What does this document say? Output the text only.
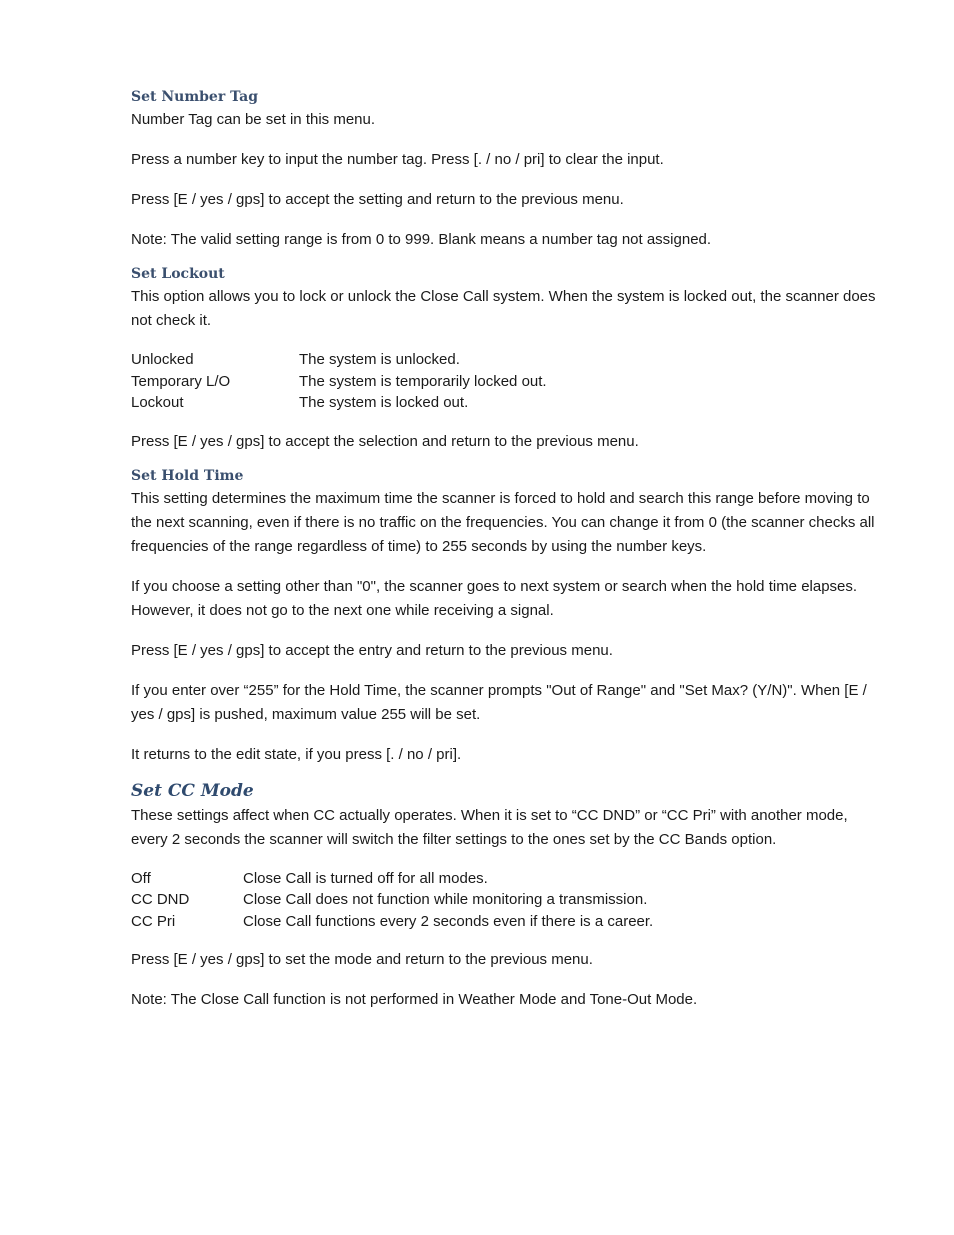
Set Number Tag

Number Tag can be set in this menu.

Press a number key to input the number tag. Press [. / no / pri] to clear the input.

Press [E / yes / gps] to accept the setting and return to the previous menu.

Note: The valid setting range is from 0 to 999. Blank means a number tag not assigned.

Set Lockout

This option allows you to lock or unlock the Close Call system. When the system is locked out, the scanner does not check it.

Unlocked	The system is unlocked.
Temporary L/O	The system is temporarily locked out.
Lockout	The system is locked out.

Press [E / yes / gps] to accept the selection and return to the previous menu.

Set Hold Time

This setting determines the maximum time the scanner is forced to hold and search this range before moving to the next scanning, even if there is no traffic on the frequencies. You can change it from 0 (the scanner checks all frequencies of the range regardless of time) to 255 seconds by using the number keys.

If you choose a setting other than "0", the scanner goes to next system or search when the hold time elapses. However, it does not go to the next one while receiving a signal.

Press [E / yes / gps] to accept the entry and return to the previous menu.

If you enter over “255” for the Hold Time, the scanner prompts "Out of Range" and "Set Max? (Y/N)". When [E / yes / gps] is pushed, maximum value 255 will be set.

It returns to the edit state, if you press [. / no / pri].

Set CC Mode

These settings affect when CC actually operates. When it is set to “CC DND” or “CC Pri” with another mode, every 2 seconds the scanner will switch the filter settings to the ones set by the CC Bands option.

Off	Close Call is turned off for all modes.
CC DND	Close Call does not function while monitoring a transmission.
CC Pri	Close Call functions every 2 seconds even if there is a career.

Press [E / yes / gps] to set the mode and return to the previous menu.

Note: The Close Call function is not performed in Weather Mode and Tone-Out Mode.
